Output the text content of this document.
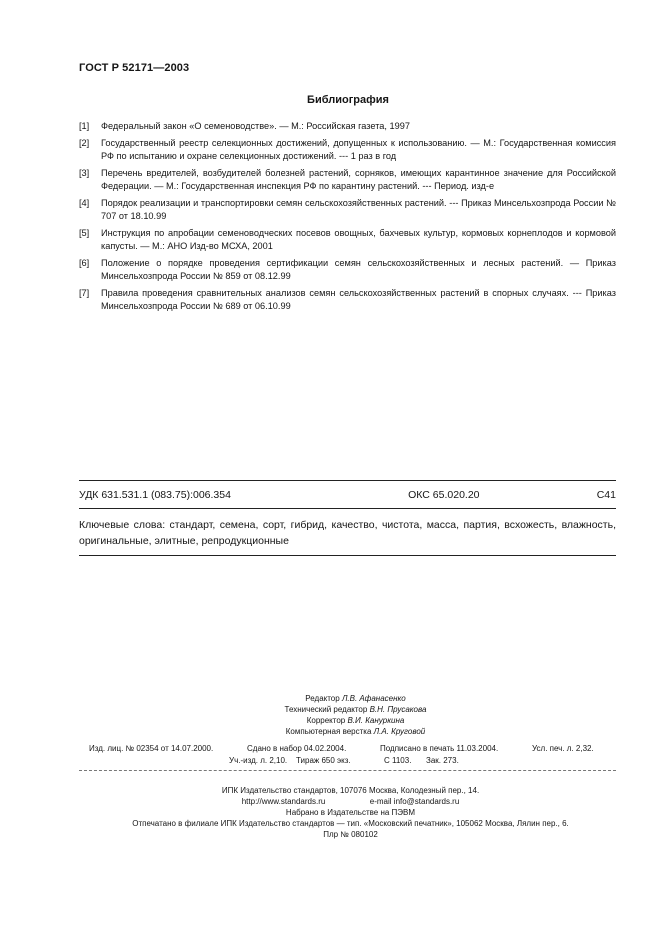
ГОСТ Р 52171—2003
Библиография
[1]	Федеральный закон «О семеноводстве». — М.: Российская газета, 1997
[2]	Государственный реестр селекционных достижений, допущенных к использованию. — М.: Государственная комиссия РФ по испытанию и охране селекционных достижений. --- 1 раз в год
[3]	Перечень вредителей, возбудителей болезней растений, сорняков, имеющих карантинное значение для Российской Федерации. — М.: Государственная инспекция РФ по карантину растений. --- Период. изд-е
[4]	Порядок реализации и транспортировки семян сельскохозяйственных растений. --- Приказ Минсельхозпрода России № 707 от 18.10.99
[5]	Инструкция по апробации семеноводческих посевов овощных, бахчевых культур, кормовых корнеплодов и кормовой капусты. — М.: АНО Изд-во МСХА, 2001
[6]	Положение о порядке проведения сертификации семян сельскохозяйственных и лесных растений. — Приказ Минсельхозпрода России № 859 от 08.12.99
[7]	Правила проведения сравнительных анализов семян сельскохозяйственных растений в спорных случаях. --- Приказ Минсельхозпрода России № 689 от 06.10.99
УДК 631.531.1 (083.75):006.354	ОКС 65.020.20	С41
Ключевые слова: стандарт, семена, сорт, гибрид, качество, чистота, масса, партия, всхожесть, влажность, оригинальные, элитные, репродукционные
Редактор Л.В. Афанасенко
Технический редактор В.Н. Прусакова
Корректор В.И. Кануркина
Компьютерная верстка Л.А. Круговой
Изд. лиц. № 02354 от 14.07.2000.	Сдано в набор 04.02.2004.	Подписано в печать 11.03.2004.	Усл. печ. л. 2,32.
Уч.-изд. л. 2,10.	Тираж 650 экз.	С 1103.	Зак. 273.
ИПК Издательство стандартов, 107076 Москва, Колодезный пер., 14.
http://www.standards.ru	e-mail info@standards.ru
Набрано в Издательстве на ПЭВМ
Отпечатано в филиале ИПК Издательство стандартов — тип. «Московский печатник», 105062 Москва, Лялин пер., 6.
Плр № 080102
